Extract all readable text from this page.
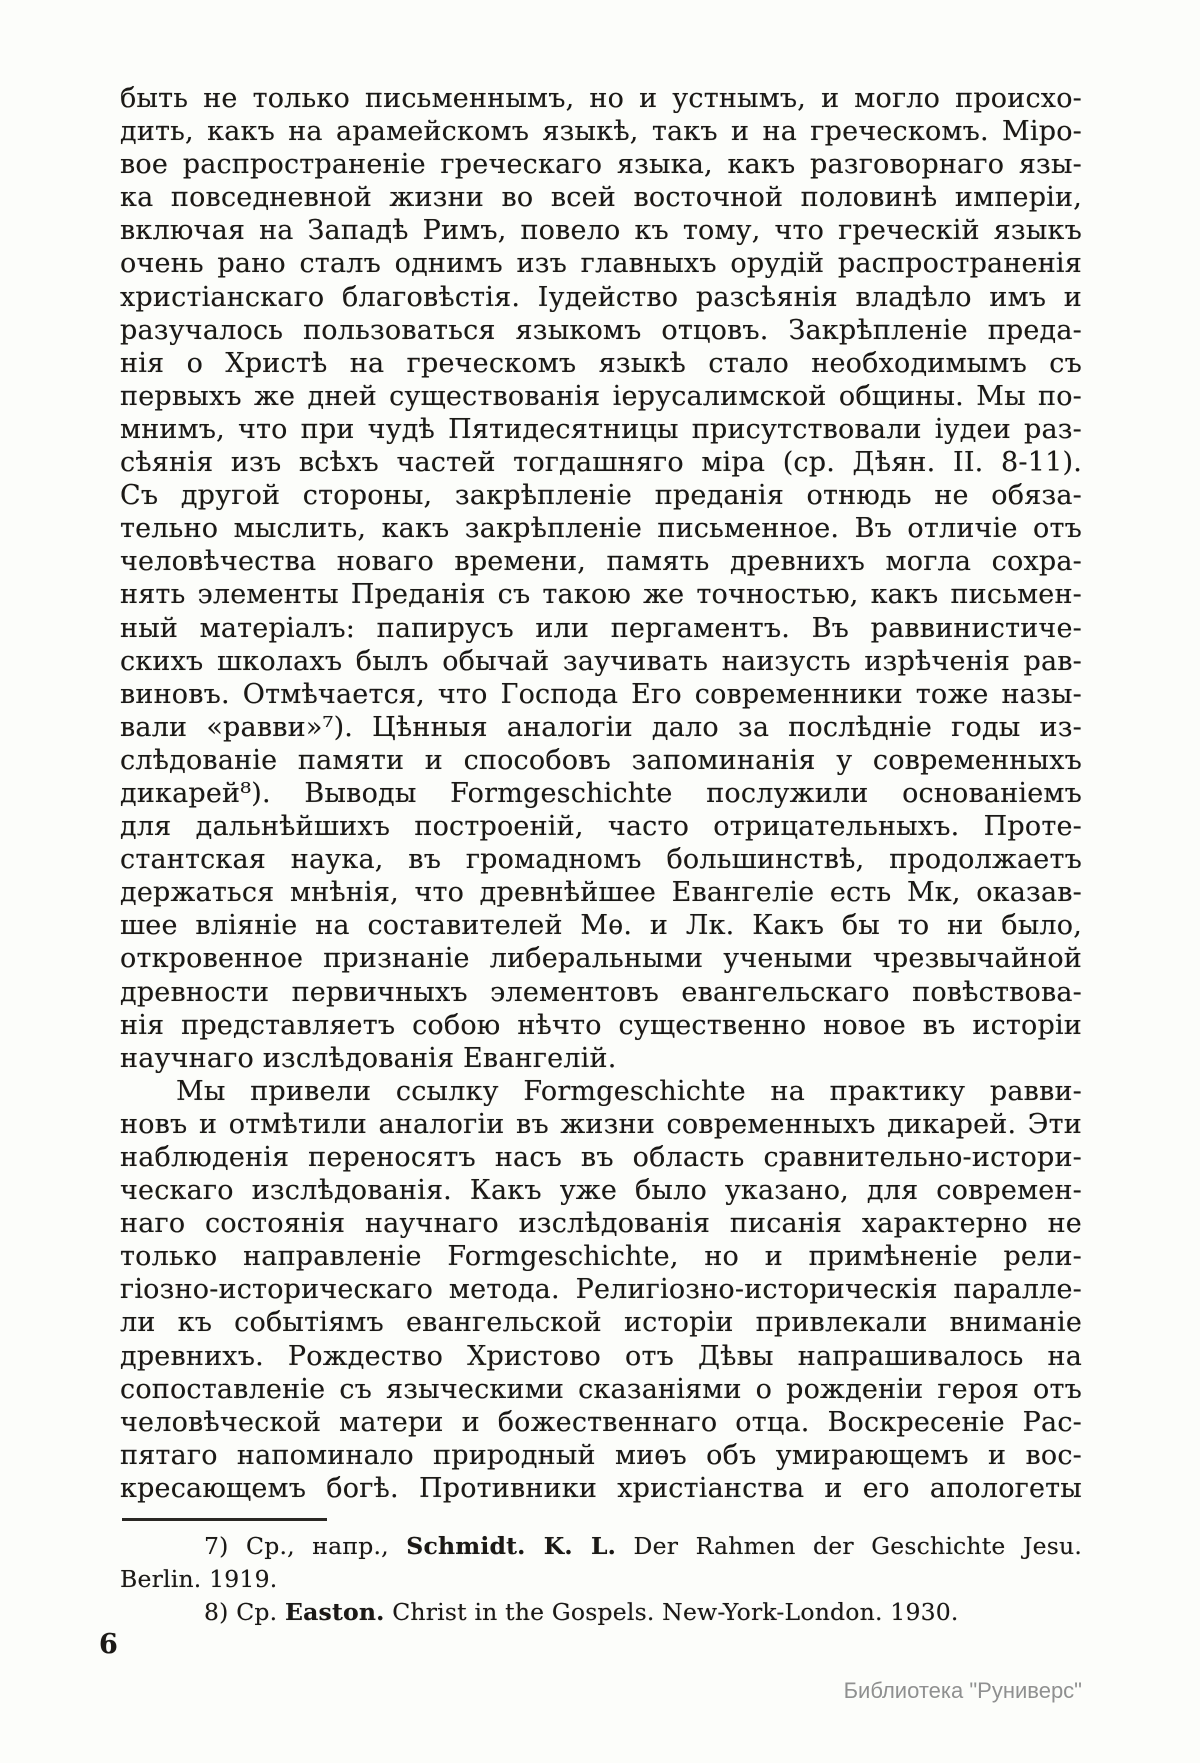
быть не только письменнымъ, но и устнымъ, и могло происхо-
дить, какъ на арамейскомъ языкѣ, такъ и на греческомъ. Міро-
вое распространеніе греческаго языка, какъ разговорнаго язы-
ка повседневной жизни во всей восточной половинѣ имперіи,
включая на Западѣ Римъ, повело къ тому, что греческій языкъ
очень рано сталъ однимъ изъ главныхъ орудій распространенія
христіанскаго благовѣстія. Іудейство разсѣянія владѣло имъ и
разучалось пользоваться языкомъ отцовъ. Закрѣпленіе преда-
нія о Христѣ на греческомъ языкѣ стало необходимымъ съ
первыхъ же дней существованія іерусалимской общины. Мы по-
мнимъ, что при чудѣ Пятидесятницы присутствовали іудеи раз-
сѣянія изъ всѣхъ частей тогдашняго міра (ср. Дѣян. II. 8-11).
Съ другой стороны, закрѣпленіе преданія отнюдь не обяза-
тельно мыслить, какъ закрѣпленіе письменное. Въ отличіе отъ
человѣчества новаго времени, память древнихъ могла сохра-
нять элементы Преданія съ такою же точностью, какъ письмен-
ный матеріалъ: папирусъ или пергаментъ. Въ раввинистиче-
скихъ школахъ былъ обычай заучивать наизусть изрѣченія рав-
виновъ. Отмѣчается, что Господа Его современники тоже назы-
вали «равви»⁷). Цѣнныя аналогіи дало за послѣдніе годы из-
слѣдованіе памяти и способовъ запоминанія у современныхъ
дикарей⁸). Выводы Formgeschichte послужили основаніемъ
для дальнѣйшихъ построеній, часто отрицательныхъ. Проте-
стантская наука, въ громадномъ большинствѣ, продолжаетъ
держаться мнѣнія, что древнѣйшее Евангеліе есть Мк, оказав-
шее вліяніе на составителей Мѳ. и Лк. Какъ бы то ни было,
откровенное признаніе либеральными учеными чрезвычайной
древности первичныхъ элементовъ евангельскаго повѣствова-
нія представляетъ собою нѣчто существенно новое въ исторіи
научнаго изслѣдованія Евангелій.
Мы привели ссылку Formgeschichte на практику равви-
новъ и отмѣтили аналогіи въ жизни современныхъ дикарей. Эти
наблюденія переносятъ насъ въ область сравнительно-истори-
ческаго изслѣдованія. Какъ уже было указано, для современ-
наго состоянія научнаго изслѣдованія писанія характерно не
только направленіе Formgeschichte, но и примѣненіе рели-
гіозно-историческаго метода. Религіозно-историческія паралле-
ли къ событіямъ евангельской исторіи привлекали вниманіе
древнихъ. Рождество Христово отъ Дѣвы напрашивалось на
сопоставленіе съ языческими сказаніями о рожденіи героя отъ
человѣческой матери и божественнаго отца. Воскресеніе Рас-
пятаго напоминало природный миѳъ объ умирающемъ и вос-
кресающемъ богѣ. Противники христіанства и его апологеты
7) Ср., напр., Schmidt. K. L. Der Rahmen der Geschichte Jesu.
Berlin. 1919.
8) Ср. Easton. Christ in the Gospels. New-York-London. 1930.
6
Библиотека "Руниверс"
